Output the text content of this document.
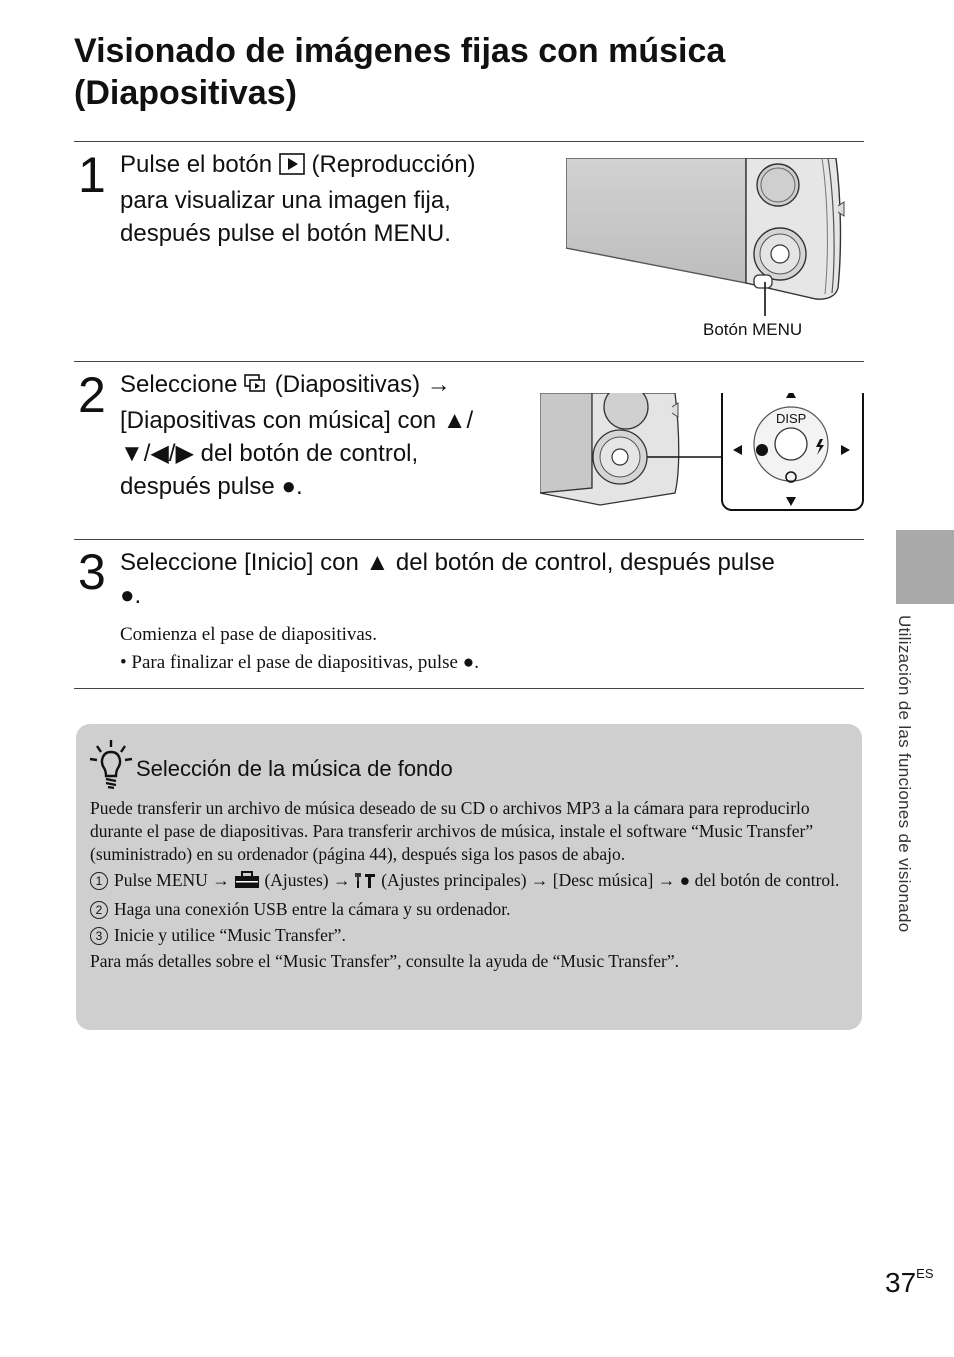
Visionado de imágenes fijas con música
(Diapositivas)
1 Pulse el botón (Reproducción)
para visualizar una imagen fija,
después pulse el botón MENU.
Botón MENU
2 Seleccione (Diapositivas) →
[Diapositivas con música] con ▲/
▼/◀/▶ del botón de control,
después pulse ●.
DISP
3 Seleccione [Inicio] con ▲ del botón de control, después pulse
●.
Comienza el pase de diapositivas.
• Para finalizar el pase de diapositivas, pulse ●.
Selección de la música de fondo

Puede transferir un archivo de música deseado de su CD o archivos MP3 a la cámara para reproducirlo durante el pase de diapositivas. Para transferir archivos de música, instale el software “Music Transfer” (suministrado) en su ordenador (página 44), después siga los pasos de abajo.

1 Pulse MENU → (Ajustes) → (Ajustes principales) → [Desc música] → ● del botón de control.
2 Haga una conexión USB entre la cámara y su ordenador.
3 Inicie y utilice “Music Transfer”.

Para más detalles sobre el “Music Transfer”, consulte la ayuda de “Music Transfer”.

Utilización de las funciones de visionado
$37^{ES}$
